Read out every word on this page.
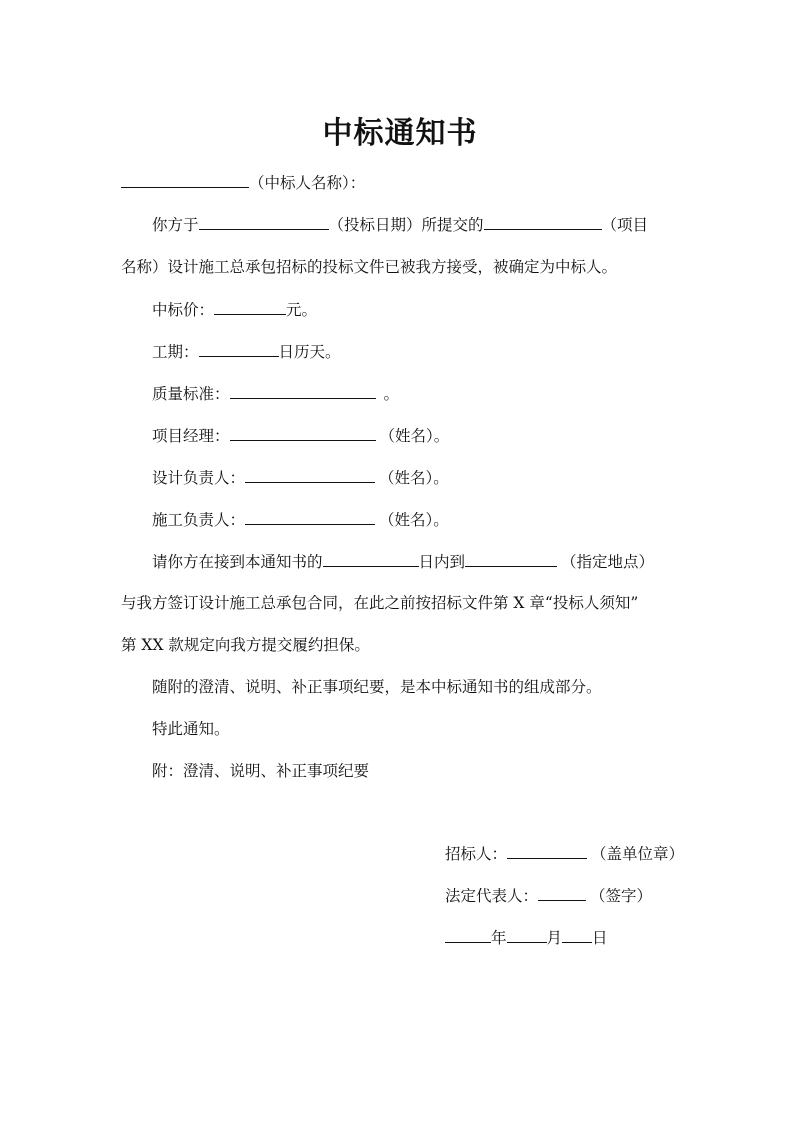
中标通知书
（中标人名称）：
你方于	（投标日期）所提交的	（项目
名称）设计施工总承包招标的投标文件已被我方接受，被确定为中标人。
中标价：	元。
工期：	日历天。
质量标准：	。
项目经理：	（姓名）。
设计负责人：	（姓名）。
施工负责人：	（姓名）。
请你方在接到本通知书的	日内到	（指定地点）
与我方签订设计施工总承包合同，在此之前按招标文件第 X 章“投标人须知”
第 XX 款规定向我方提交履约担保。
随附的澄清、说明、补正事项纪要，是本中标通知书的组成部分。
特此通知。
附：澄清、说明、补正事项纪要
招标人：	（盖单位章）
法定代表人：	（签字）
年	月 日
